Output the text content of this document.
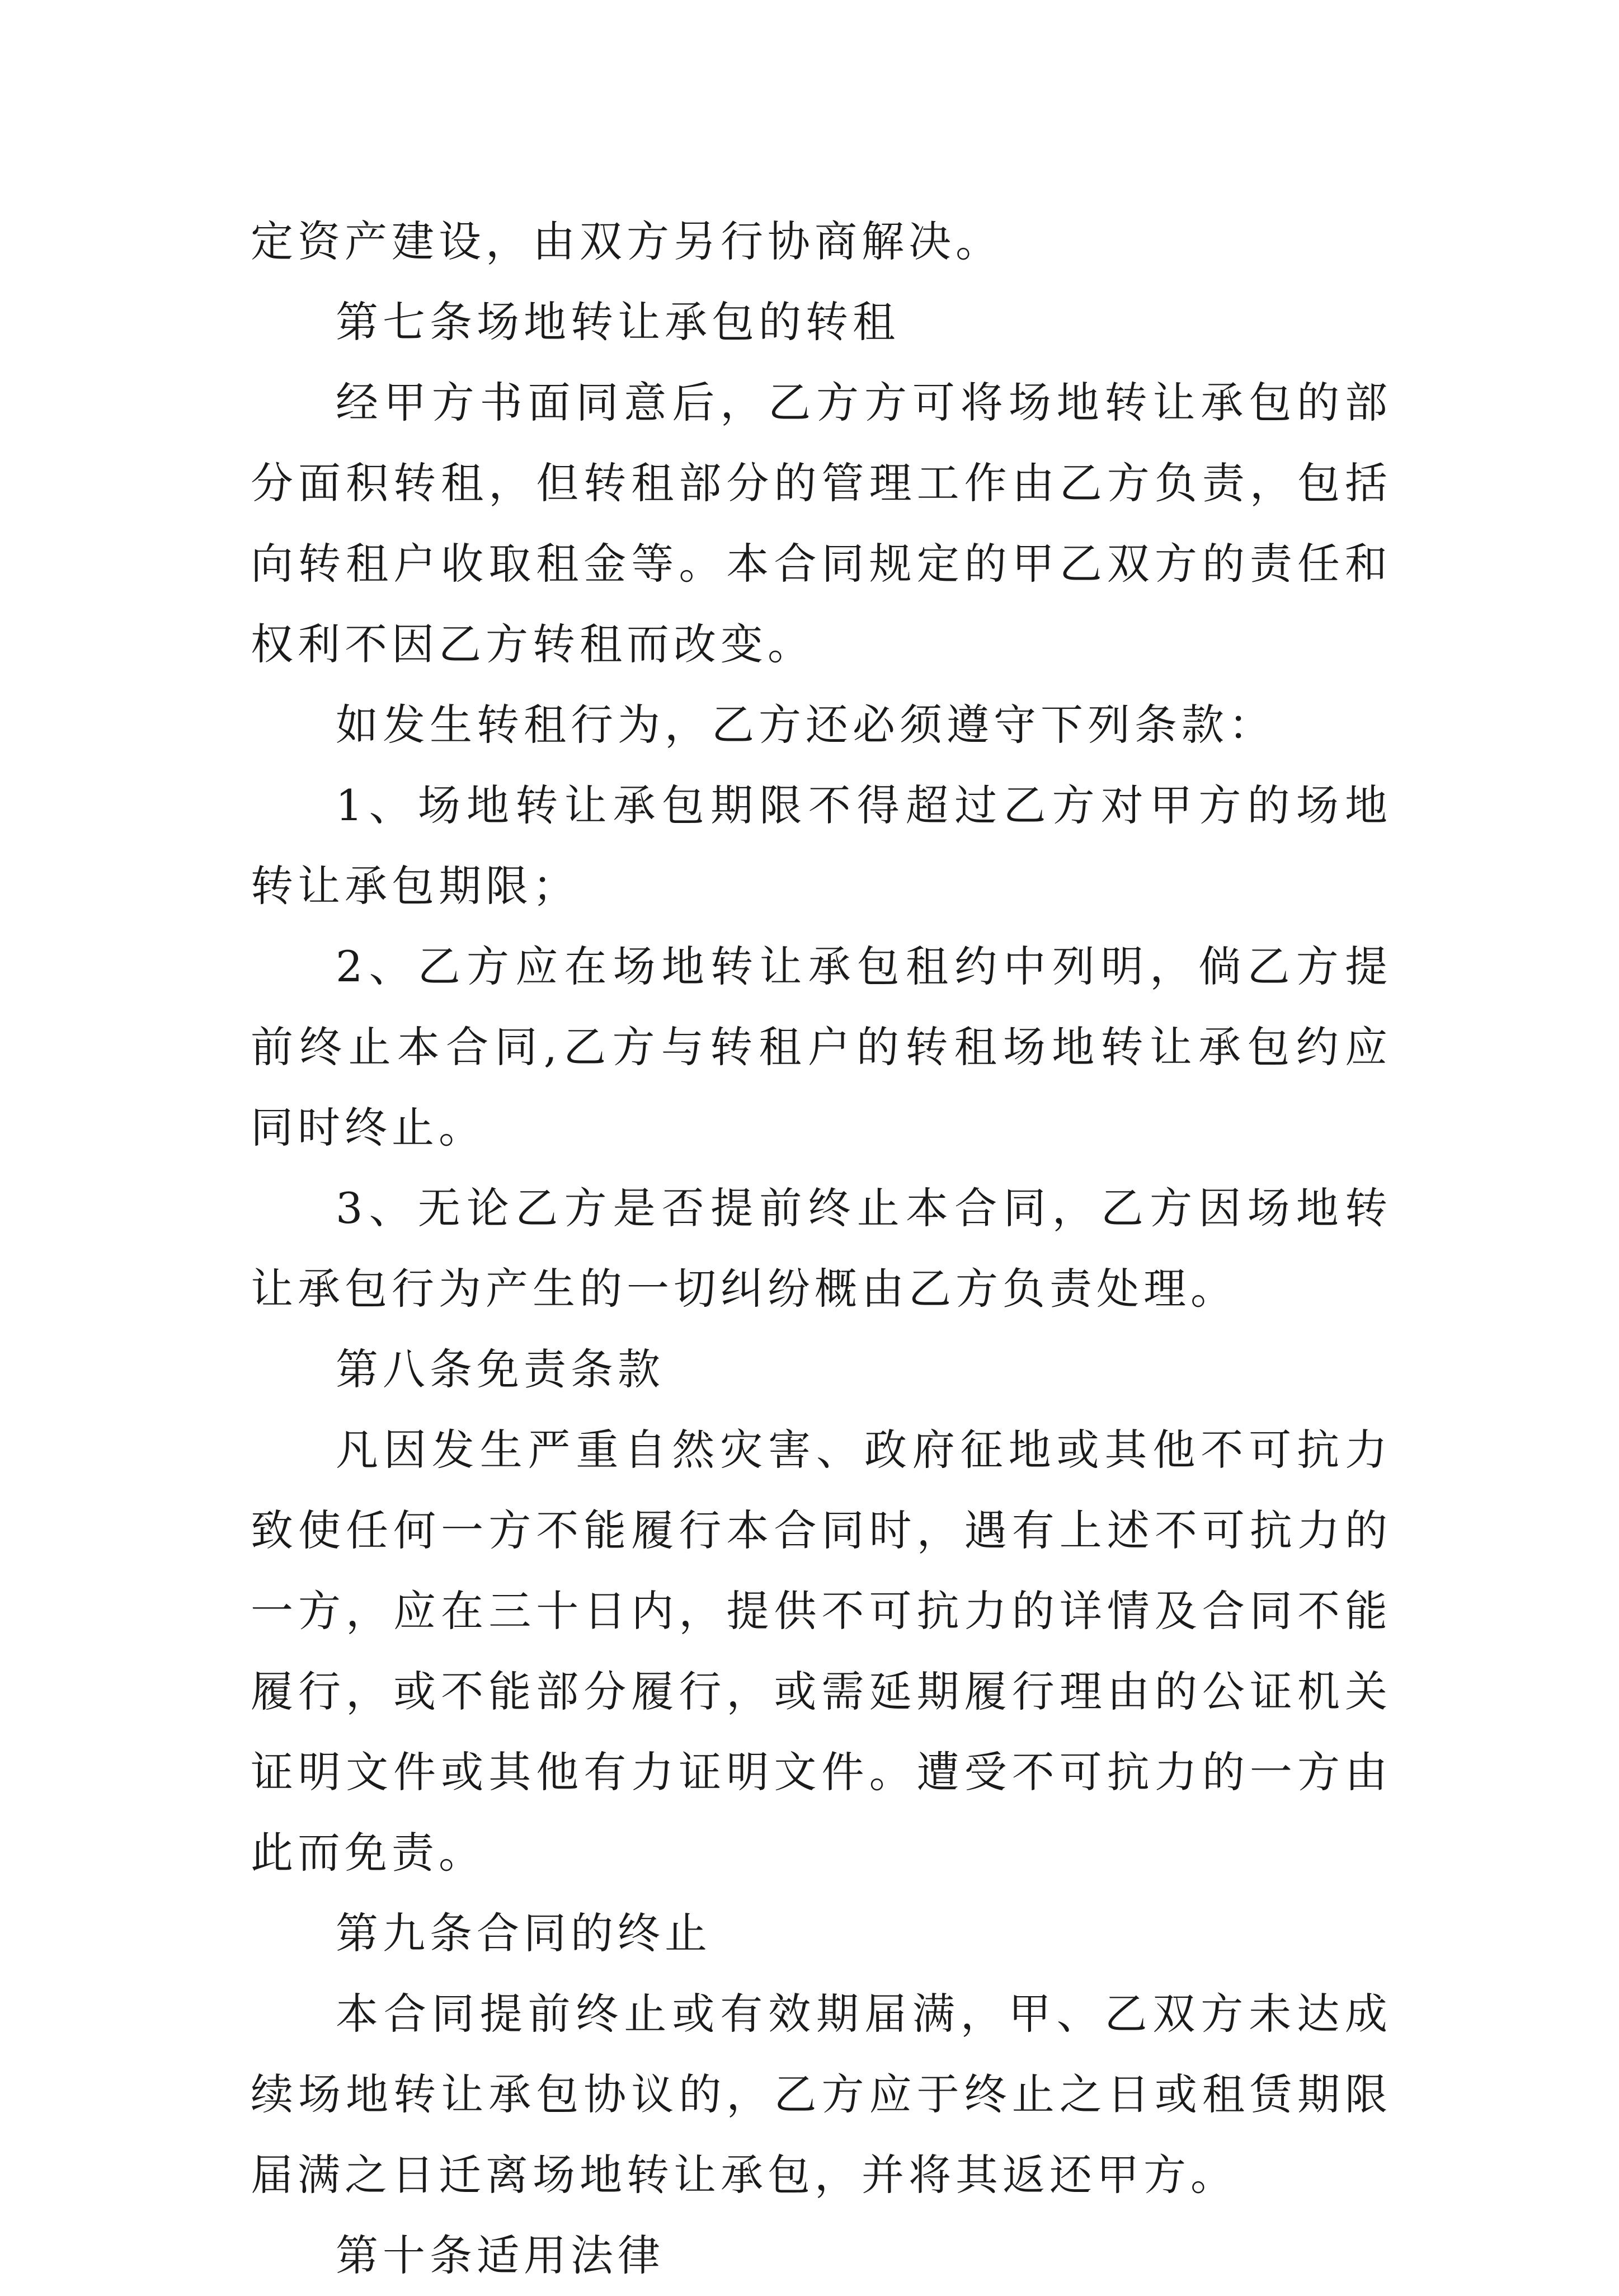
定资产建设，由双方另行协商解决。

第七条场地转让承包的转租

经甲方书面同意后，乙方方可将场地转让承包的部分面积转租，但转租部分的管理工作由乙方负责，包括向转租户收取租金等。本合同规定的甲乙双方的责任和权利不因乙方转租而改变。

如发生转租行为，乙方还必须遵守下列条款：

1、场地转让承包期限不得超过乙方对甲方的场地转让承包期限；

2、乙方应在场地转让承包租约中列明，倘乙方提前终止本合同,乙方与转租户的转租场地转让承包约应同时终止。

3、无论乙方是否提前终止本合同，乙方因场地转让承包行为产生的一切纠纷概由乙方负责处理。

第八条免责条款

凡因发生严重自然灾害、政府征地或其他不可抗力致使任何一方不能履行本合同时，遇有上述不可抗力的一方，应在三十日内，提供不可抗力的详情及合同不能履行，或不能部分履行，或需延期履行理由的公证机关证明文件或其他有力证明文件。遭受不可抗力的一方由此而免责。

第九条合同的终止

本合同提前终止或有效期届满，甲、乙双方未达成续场地转让承包协议的，乙方应于终止之日或租赁期限届满之日迁离场地转让承包，并将其返还甲方。

第十条适用法律
